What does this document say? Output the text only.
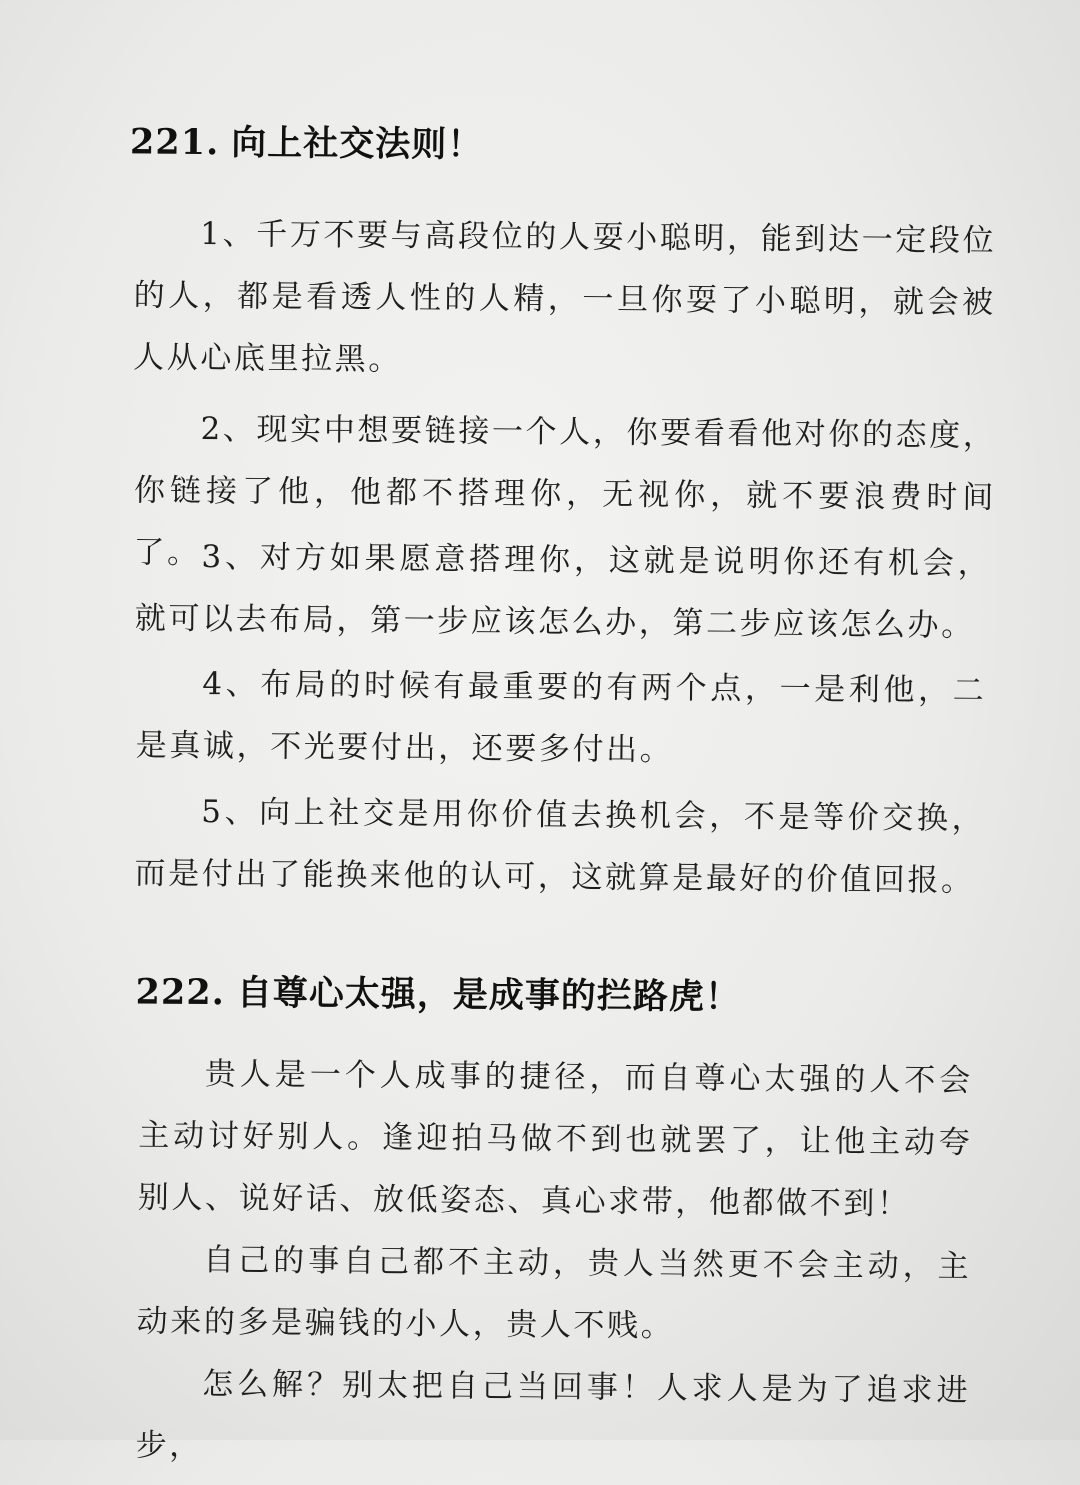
221. 向上社交法则！

1、千万不要与高段位的人耍小聪明，能到达一定段位的人，都是看透人性的人精，一旦你耍了小聪明，就会被人从心底里拉黑。

2、现实中想要链接一个人，你要看看他对你的态度，你链接了他，他都不搭理你，无视你，就不要浪费时间了。 3、对方如果愿意搭理你，这就是说明你还有机会，就可以去布局，第一步应该怎么办，第二步应该怎么办。

4、布局的时候有最重要的有两个点，一是利他，二是真诚，不光要付出，还要多付出。

5、向上社交是用你价值去换机会，不是等价交换，而是付出了能换来他的认可，这就算是最好的价值回报。

222. 自尊心太强，是成事的拦路虎！

贵人是一个人成事的捷径，而自尊心太强的人不会主动讨好别人。逢迎拍马做不到也就罢了，让他主动夸别人、说好话、放低姿态、真心求带，他都做不到！

自己的事自己都不主动，贵人当然更不会主动，主动来的多是骗钱的小人，贵人不贱。

怎么解？别太把自己当回事！人求人是为了追求进步，
